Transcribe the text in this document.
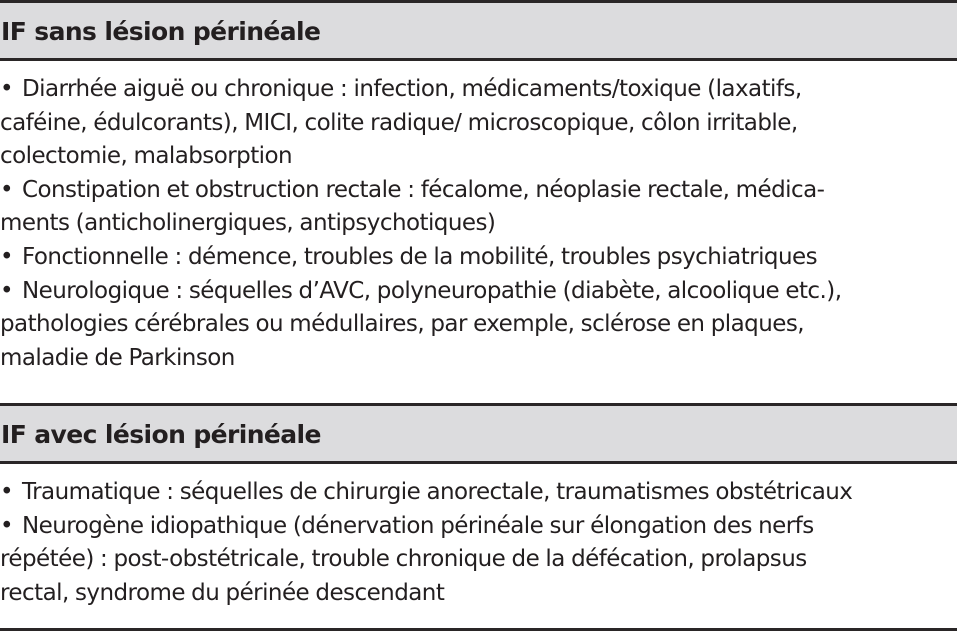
IF sans lésion périnéale

• Diarrhée aiguë ou chronique : infection, médicaments/toxique (laxatifs,
caféine, édulcorants), MICI, colite radique/ microscopique, côlon irritable,
colectomie, malabsorption

• Constipation et obstruction rectale : fécalome, néoplasie rectale, médica-
ments (anticholinergiques, antipsychotiques)

• Fonctionnelle : démence, troubles de la mobilité, troubles psychiatriques

• Neurologique : séquelles d’AVC, polyneuropathie (diabète, alcoolique etc.),
pathologies cérébrales ou médullaires, par exemple, sclérose en plaques,
maladie de Parkinson

IF avec lésion périnéale

• Traumatique : séquelles de chirurgie anorectale, traumatismes obstétricaux

• Neurogène idiopathique (dénervation périnéale sur élongation des nerfs
répétée) : post-obstétricale, trouble chronique de la défécation, prolapsus
rectal, syndrome du périnée descendant
